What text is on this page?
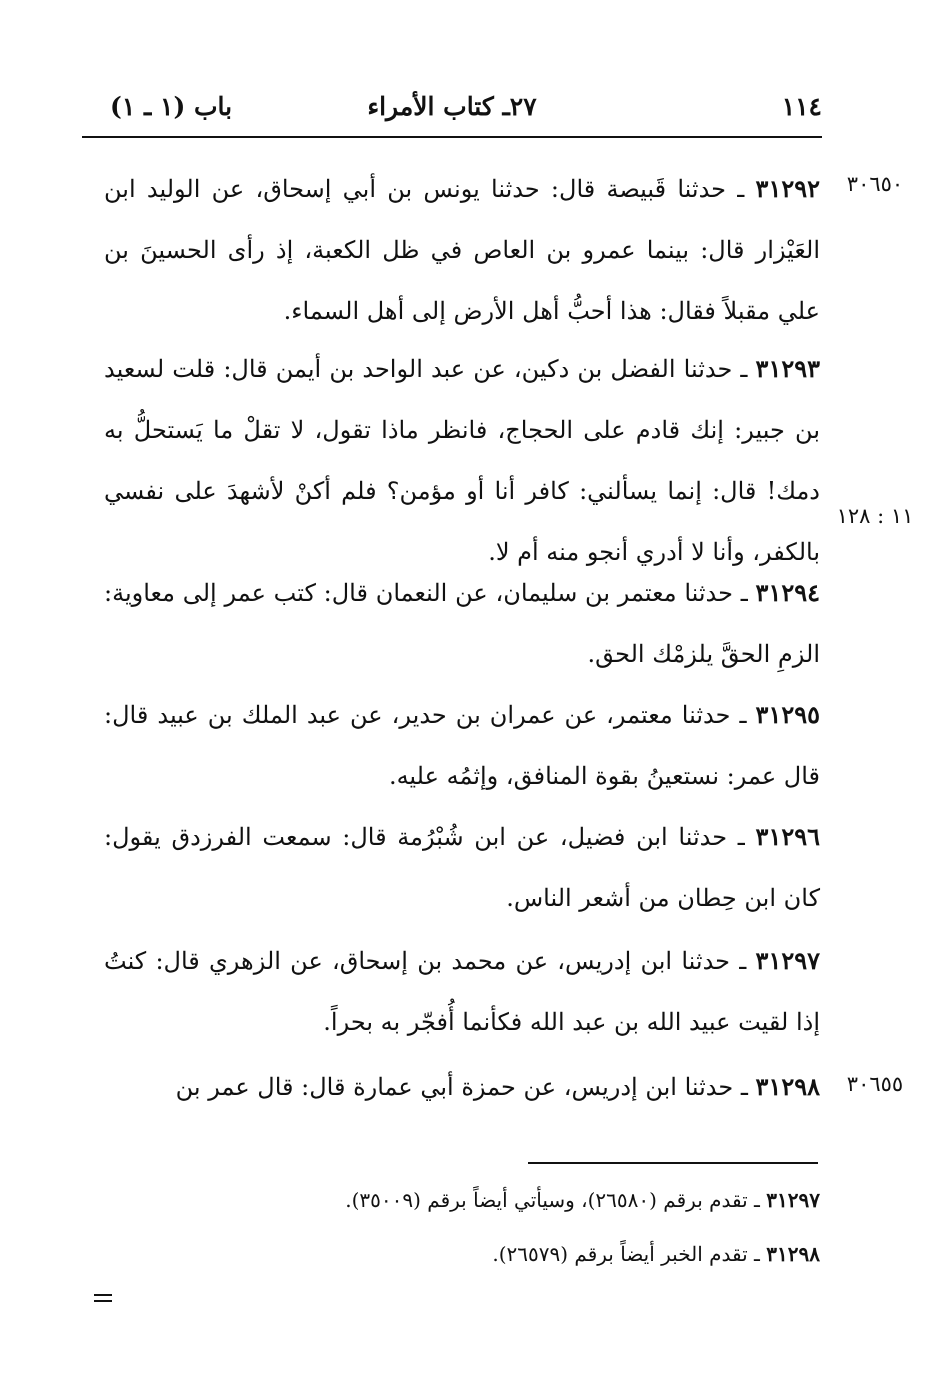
باب (١ ـ ١)	٢٧ـ كتاب الأمراء	١١٤
٣٠٦٥٠
١١ : ١٢٨
٣٠٦٥٥
٣١٢٩٢ ـ حدثنا قَبيصة قال: حدثنا يونس بن أبي إسحاق، عن الوليد ابن العَيْزار قال: بينما عمرو بن العاص في ظل الكعبة، إذ رأى الحسينَ بن علي مقبلاً فقال: هذا أحبُّ أهل الأرض إلى أهل السماء.
٣١٢٩٣ ـ حدثنا الفضل بن دكين، عن عبد الواحد بن أيمن قال: قلت لسعيد بن جبير: إنك قادم على الحجاج، فانظر ماذا تقول، لا تقلْ ما يَستحلُّ به دمك! قال: إنما يسألني: كافر أنا أو مؤمن؟ فلم أكنْ لأشهدَ على نفسي بالكفر، وأنا لا أدري أنجو منه أم لا.
٣١٢٩٤ ـ حدثنا معتمر بن سليمان، عن النعمان قال: كتب عمر إلى معاوية: الزمِ الحقَّ يلزمْك الحق.
٣١٢٩٥ ـ حدثنا معتمر، عن عمران بن حدير، عن عبد الملك بن عبيد قال: قال عمر: نستعينُ بقوة المنافق، وإثمُه عليه.
٣١٢٩٦ ـ حدثنا ابن فضيل، عن ابن شُبْرُمة قال: سمعت الفرزدق يقول: كان ابن حِطان من أشعر الناس.
٣١٢٩٧ ـ حدثنا ابن إدريس، عن محمد بن إسحاق، عن الزهري قال: كنتُ إذا لقيت عبيد الله بن عبد الله فكأنما أُفجّر به بحراً.
٣١٢٩٨ ـ حدثنا ابن إدريس، عن حمزة أبي عمارة قال: قال عمر بن
٣١٢٩٧ ـ تقدم برقم (٢٦٥٨٠)، وسيأتي أيضاً برقم (٣٥٠٠٩).
٣١٢٩٨ ـ تقدم الخبر أيضاً برقم (٢٦٥٧٩).
